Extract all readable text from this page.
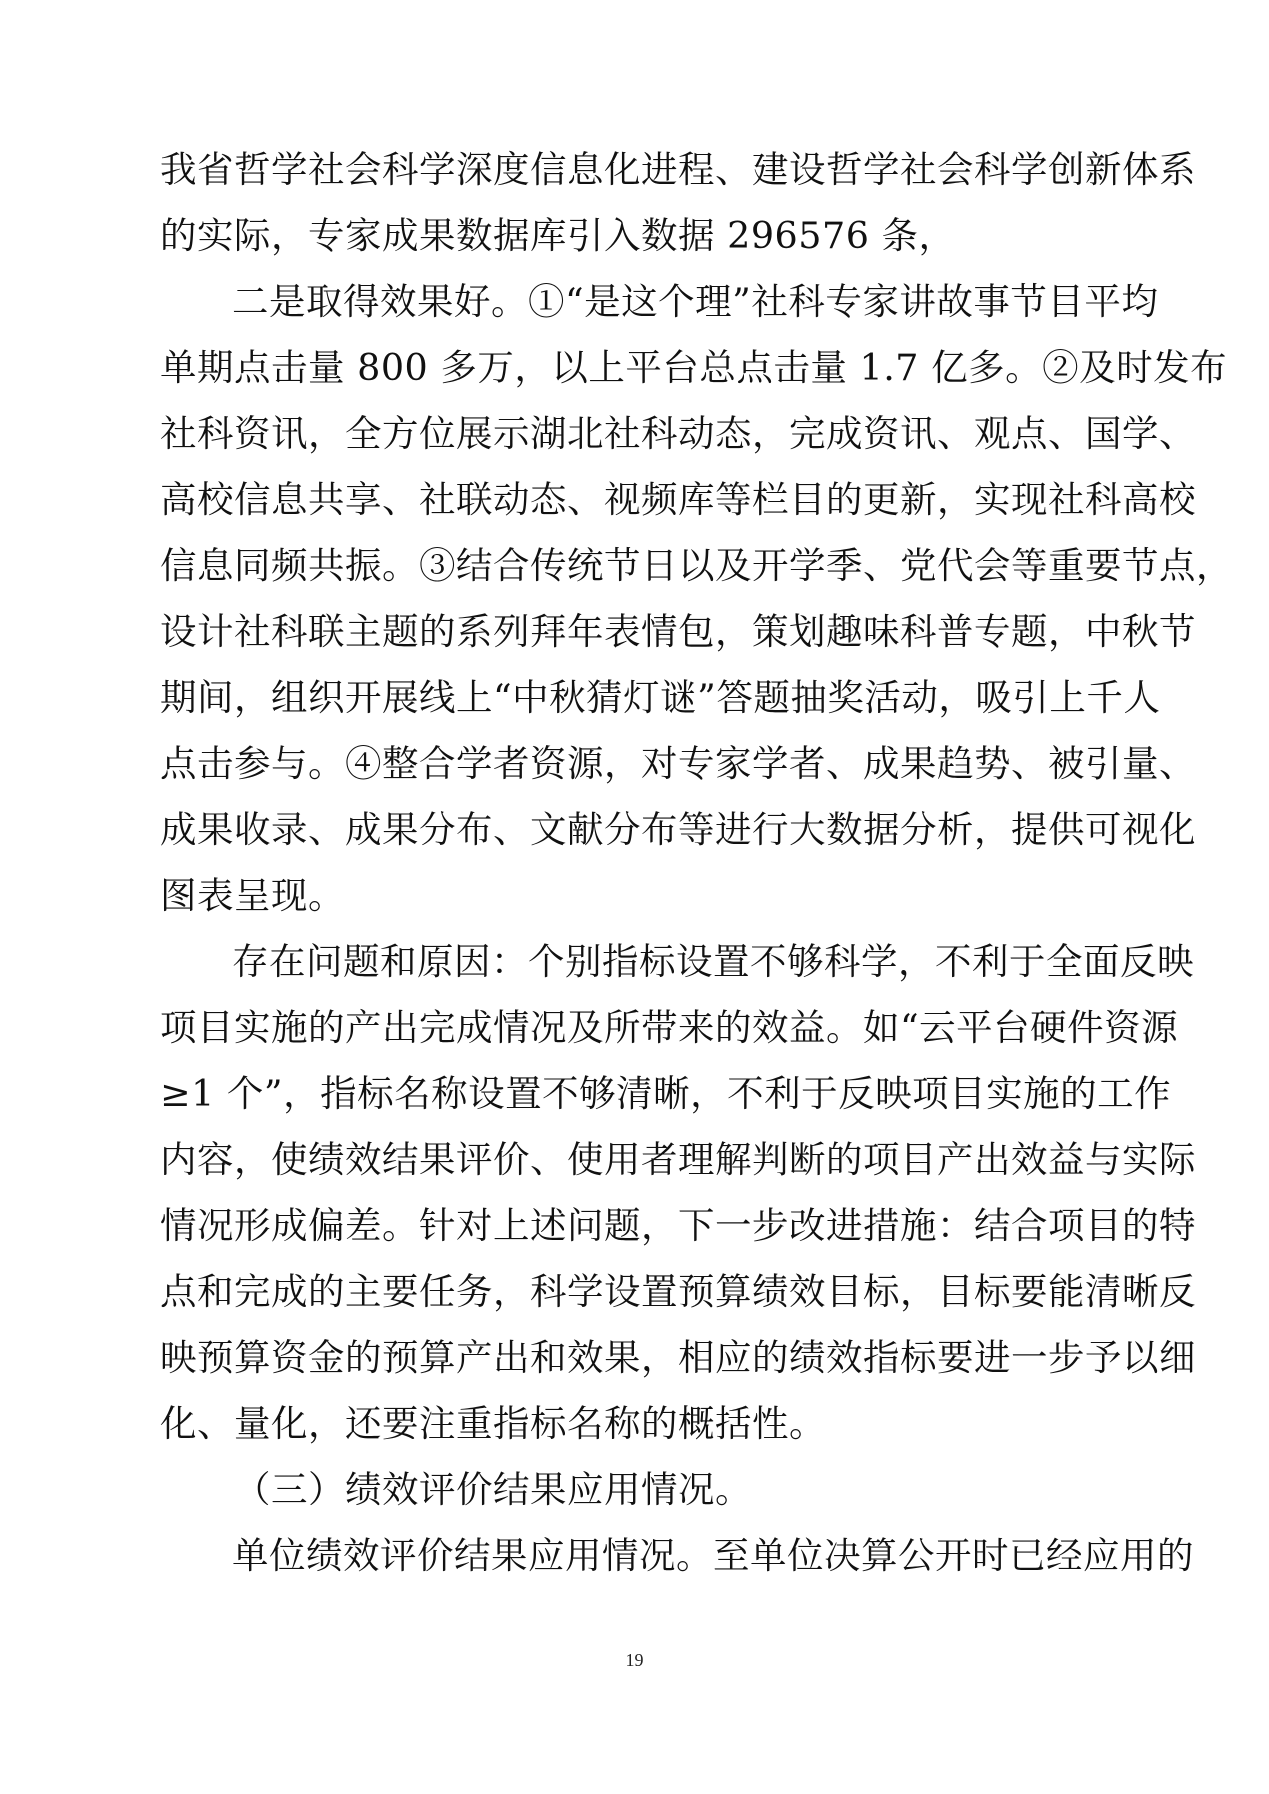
我省哲学社会科学深度信息化进程、建设哲学社会科学创新体系
的实际，专家成果数据库引入数据 296576 条，
二是取得效果好。①“是这个理”社科专家讲故事节目平均
单期点击量 800 多万，以上平台总点击量 1.7 亿多。②及时发布
社科资讯，全方位展示湖北社科动态，完成资讯、观点、国学、
高校信息共享、社联动态、视频库等栏目的更新，实现社科高校
信息同频共振。③结合传统节日以及开学季、党代会等重要节点，
设计社科联主题的系列拜年表情包，策划趣味科普专题，中秋节
期间，组织开展线上“中秋猜灯谜”答题抽奖活动，吸引上千人
点击参与。④整合学者资源，对专家学者、成果趋势、被引量、
成果收录、成果分布、文献分布等进行大数据分析，提供可视化
图表呈现。
存在问题和原因：个别指标设置不够科学，不利于全面反映
项目实施的产出完成情况及所带来的效益。如“云平台硬件资源
≥1 个”，指标名称设置不够清晰，不利于反映项目实施的工作
内容，使绩效结果评价、使用者理解判断的项目产出效益与实际
情况形成偏差。针对上述问题，下一步改进措施：结合项目的特
点和完成的主要任务，科学设置预算绩效目标，目标要能清晰反
映预算资金的预算产出和效果，相应的绩效指标要进一步予以细
化、量化，还要注重指标名称的概括性。
（三）绩效评价结果应用情况。
单位绩效评价结果应用情况。至单位决算公开时已经应用的
19
